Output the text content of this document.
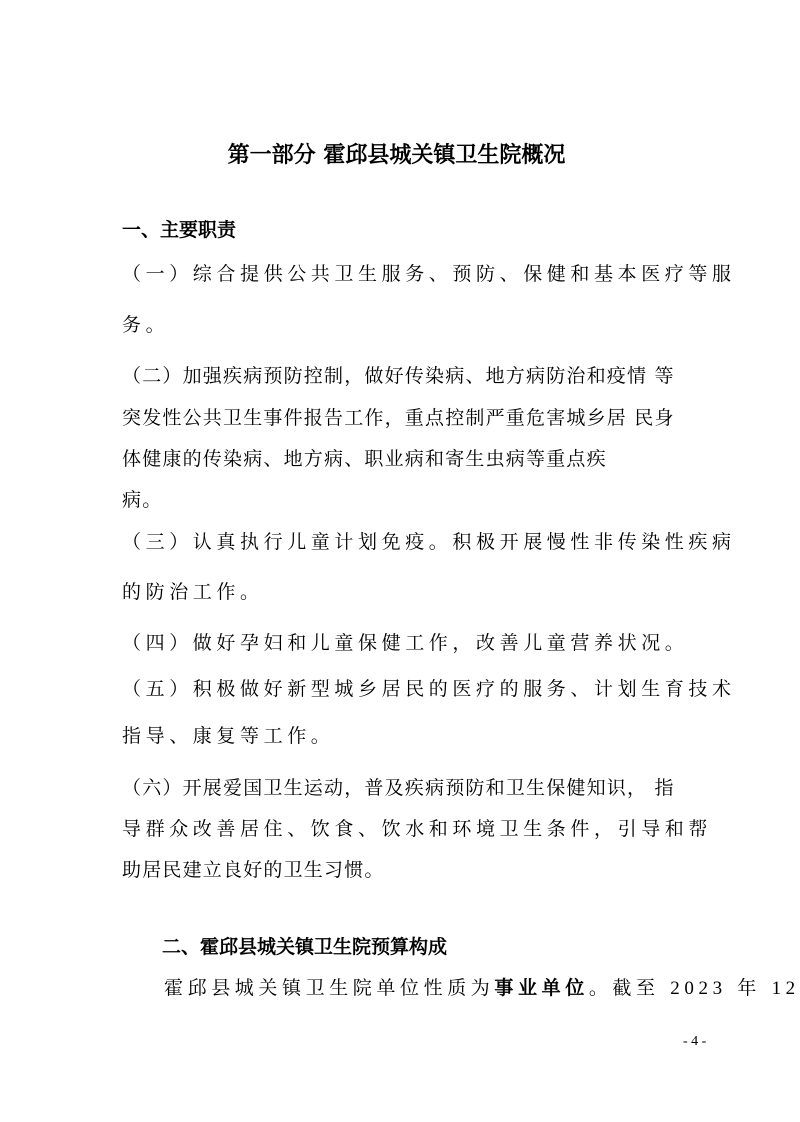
第一部分 霍邱县城关镇卫生院概况
一、主要职责
（一）综合提供公共卫生服务、预防、保健和基本医疗等服
务。
（二）加强疾病预防控制，做好传染病、地方病防治和疫情 等
突发性公共卫生事件报告工作，重点控制严重危害城乡居 民身
体健康的传染病、地方病、职业病和寄生虫病等重点疾
病。
（三）认真执行儿童计划免疫。积极开展慢性非传染性疾病
的防治工作。
（四）做好孕妇和儿童保健工作，改善儿童营养状况。
（五）积极做好新型城乡居民的医疗的服务、计划生育技术
指导、康复等工作。
（六）开展爱国卫生运动，普及疾病预防和卫生保健知识， 指
导群众改善居住、饮食、饮水和环境卫生条件，引导和帮
助居民建立良好的卫生习惯。
二、霍邱县城关镇卫生院预算构成
霍邱县城关镇卫生院单位性质为事业单位。截至 2023 年 12
- 4 -
